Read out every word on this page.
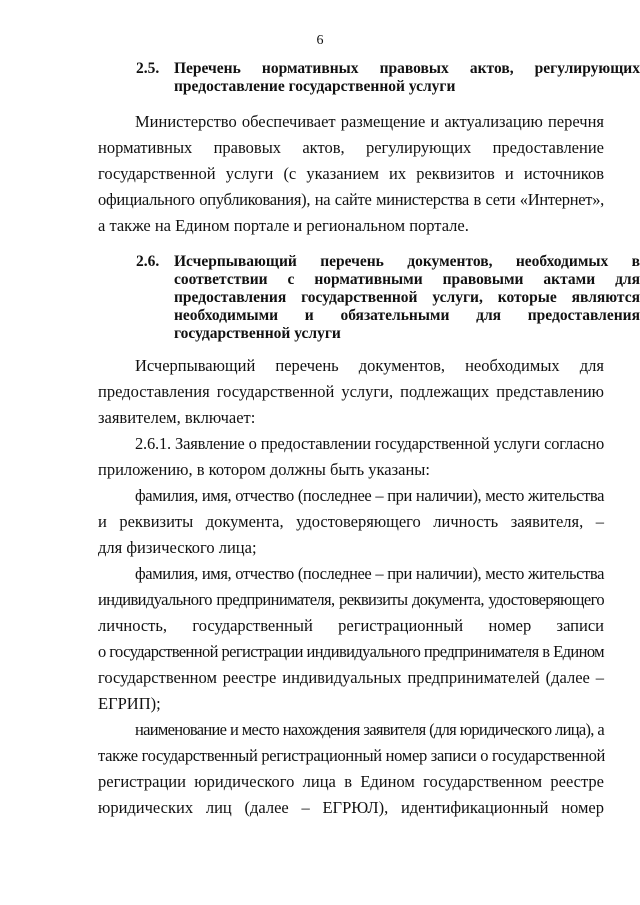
6
2.5. Перечень нормативных правовых актов, регулирующих предоставление государственной услуги
Министерство обеспечивает размещение и актуализацию перечня
нормативных правовых актов, регулирующих предоставление
государственной услуги (с указанием их реквизитов и источников
официального опубликования), на сайте министерства в сети «Интернет»,
а также на Едином портале и региональном портале.
2.6. Исчерпывающий перечень документов, необходимых в соответствии с нормативными правовыми актами для предоставления государственной услуги, которые являются необходимыми и обязательными для предоставления государственной услуги
Исчерпывающий перечень документов, необходимых для
предоставления государственной услуги, подлежащих представлению
заявителем, включает:
2.6.1. Заявление о предоставлении государственной услуги согласно
приложению, в котором должны быть указаны:
фамилия, имя, отчество (последнее – при наличии), место жительства
и реквизиты документа, удостоверяющего личность заявителя, –
для физического лица;
фамилия, имя, отчество (последнее – при наличии), место жительства
индивидуального предпринимателя, реквизиты документа, удостоверяющего
личность, государственный регистрационный номер записи
о государственной регистрации индивидуального предпринимателя в Едином
государственном реестре индивидуальных предпринимателей (далее –
ЕГРИП);
наименование и место нахождения заявителя (для юридического лица), а
также государственный регистрационный номер записи о государственной
регистрации юридического лица в Едином государственном реестре
юридических лиц (далее – ЕГРЮЛ), идентификационный номер
